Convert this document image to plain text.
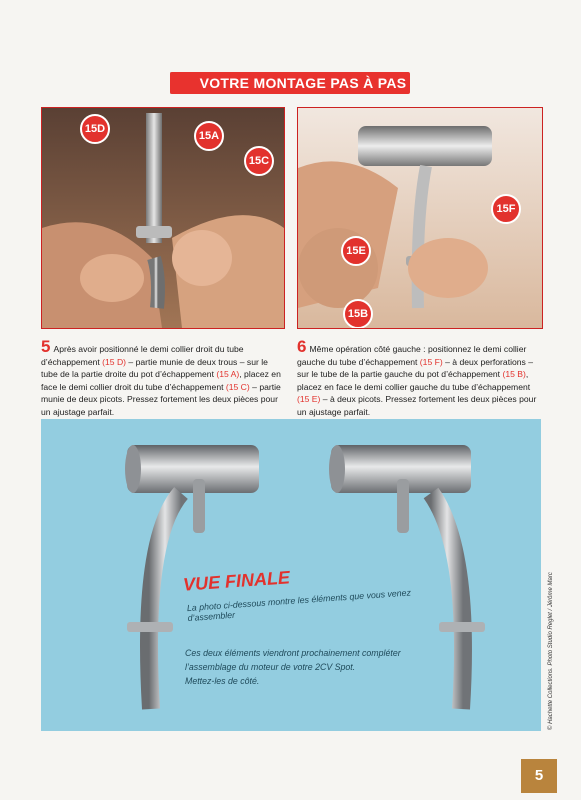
VOTRE MONTAGE PAS À PAS
15D
15A
15C
15F
15E
15B
5 Après avoir positionné le demi collier droit du tube d’échappement (15 D) – partie munie de deux trous – sur le tube de la partie droite du pot d’échappement (15 A), placez en face le demi collier droit du tube d’échappement (15 C) – partie munie de deux picots. Pressez fortement les deux pièces pour un ajustage parfait.
6 Même opération côté gauche : positionnez le demi collier gauche du tube d’échappement (15 F) – à deux perforations – sur le tube de la partie gauche du pot d’échappement (15 B), placez en face le demi collier gauche du tube d’échappement (15 E) – à deux picots. Pressez fortement les deux pièces pour un ajustage parfait.
VUE FINALE
La photo ci-dessous montre les éléments que vous venez d’assembler
Ces deux éléments viendront prochainement compléter
l’assemblage du moteur de votre 2CV Spot.
Mettez-les de côté.	© Hachette Collections. Photo Studio Reglet / Jérôme Marc
5
